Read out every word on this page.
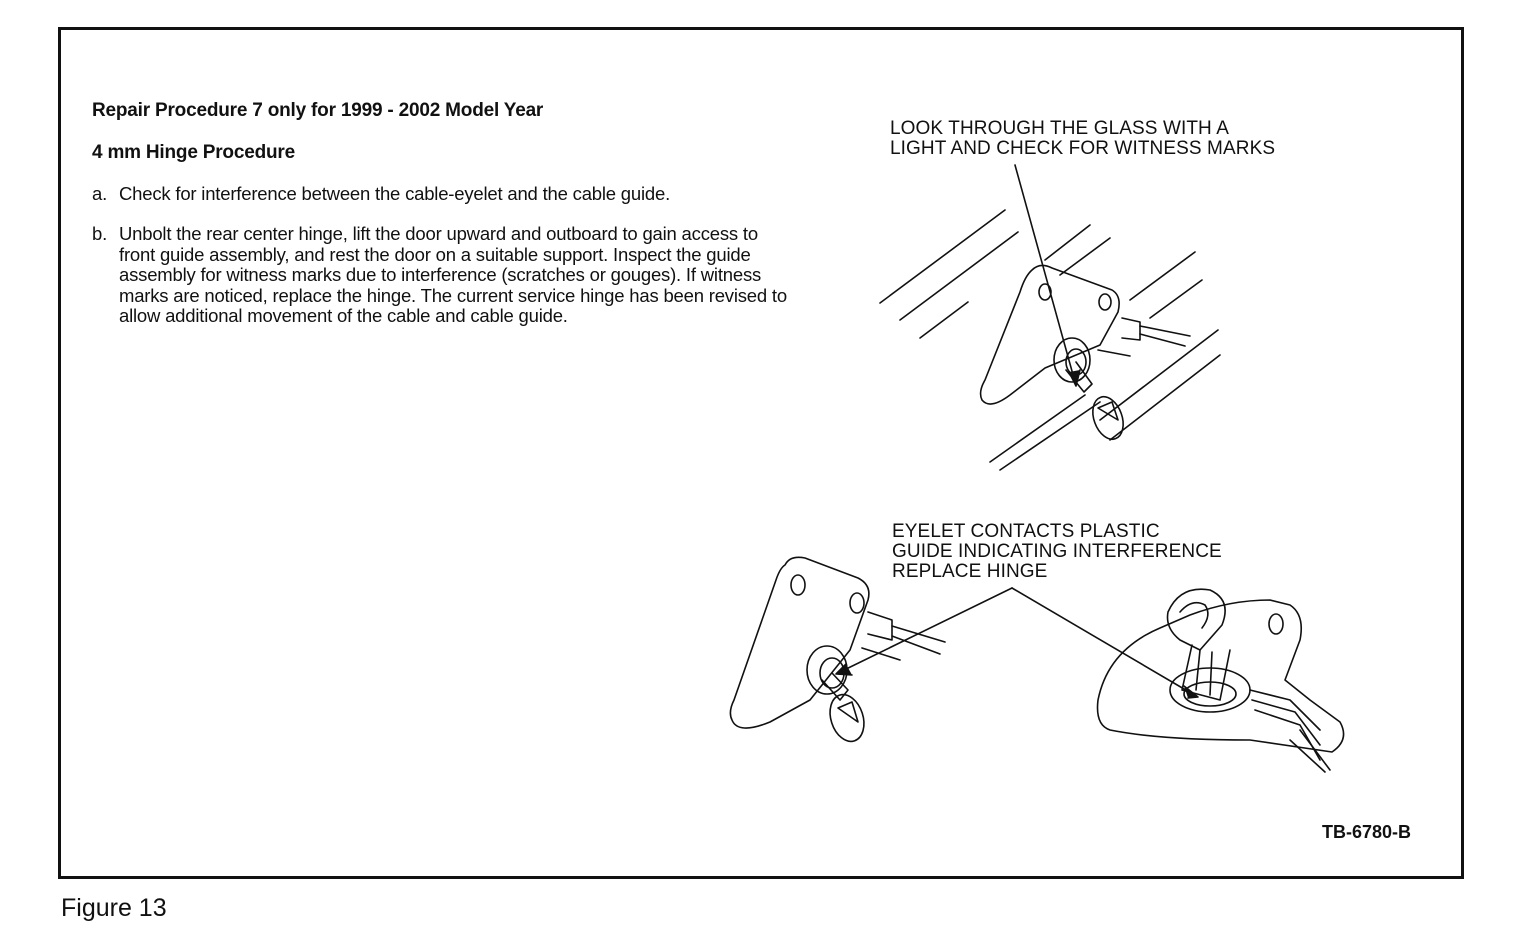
Repair Procedure 7 only for 1999 - 2002 Model Year
4 mm Hinge Procedure
a. Check for interference between the cable-eyelet and the cable guide.
b. Unbolt the rear center hinge, lift the door upward and outboard to gain access to front guide assembly, and rest the door on a suitable support. Inspect the guide assembly for witness marks due to interference (scratches or gouges). If witness marks are noticed, replace the hinge. The current service hinge has been revised to allow additional movement of the cable and cable guide.
LOOK THROUGH THE GLASS WITH A
LIGHT AND CHECK FOR WITNESS MARKS
EYELET CONTACTS PLASTIC
GUIDE INDICATING INTERFERENCE
REPLACE HINGE
TB-6780-B
Figure 13
